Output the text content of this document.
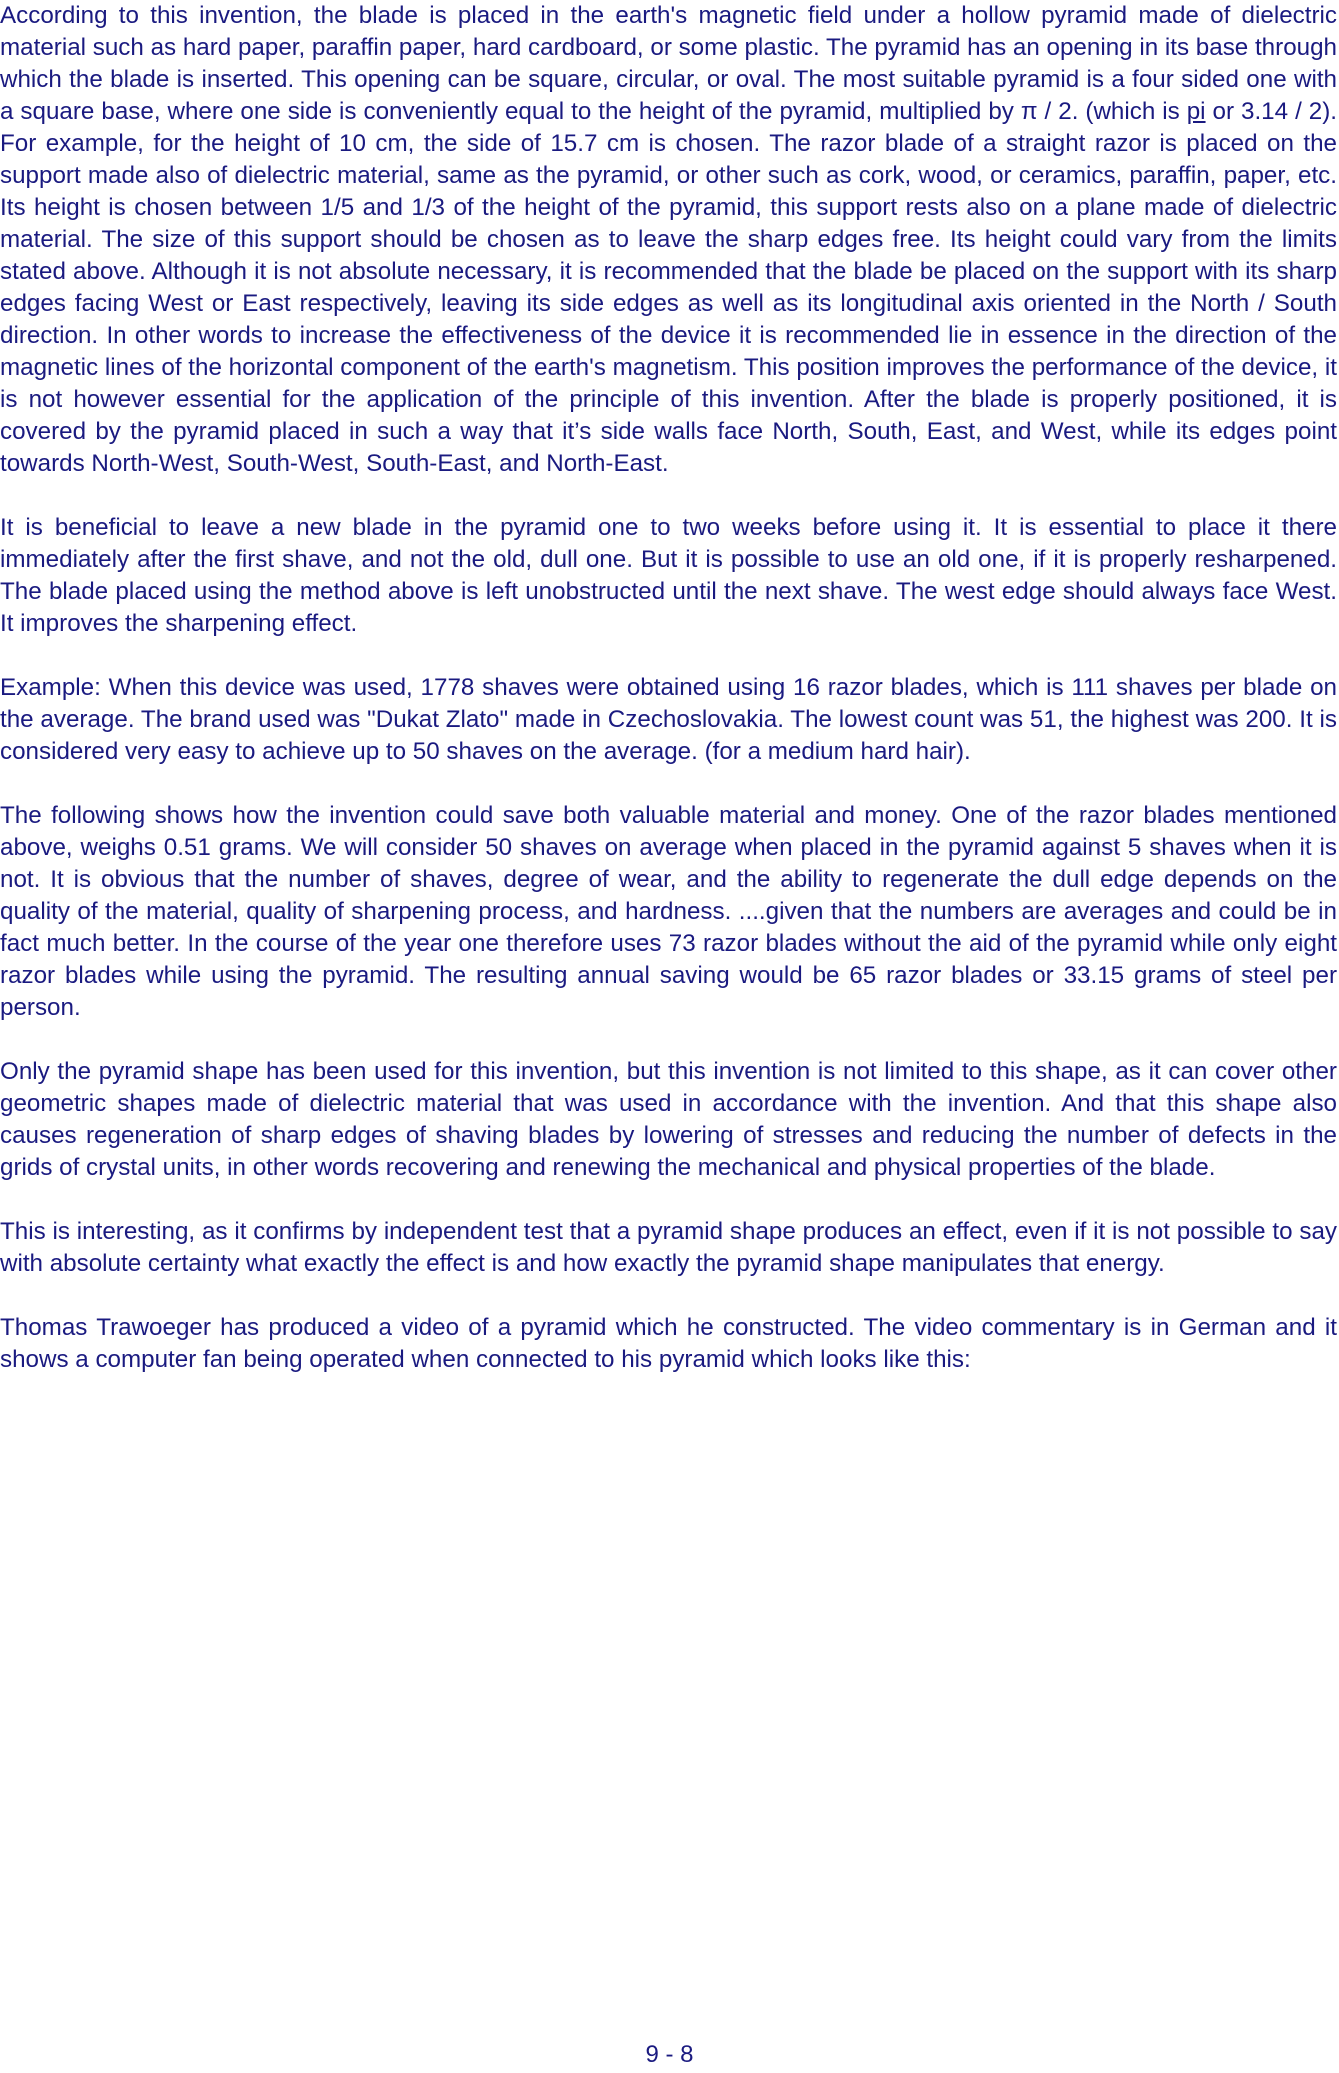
According to this invention, the blade is placed in the earth's magnetic field under a hollow pyramid made of dielectric material such as hard paper, paraffin paper, hard cardboard, or some plastic. The pyramid has an opening in its base through which the blade is inserted. This opening can be square, circular, or oval. The most suitable pyramid is a four sided one with a square base, where one side is conveniently equal to the height of the pyramid, multiplied by π / 2. (which is pi or 3.14 / 2). For example, for the height of 10 cm, the side of 15.7 cm is chosen. The razor blade of a straight razor is placed on the support made also of dielectric material, same as the pyramid, or other such as cork, wood, or ceramics, paraffin, paper, etc. Its height is chosen between 1/5 and 1/3 of the height of the pyramid, this support rests also on a plane made of dielectric material. The size of this support should be chosen as to leave the sharp edges free. Its height could vary from the limits stated above. Although it is not absolute necessary, it is recommended that the blade be placed on the support with its sharp edges facing West or East respectively, leaving its side edges as well as its longitudinal axis oriented in the North / South direction. In other words to increase the effectiveness of the device it is recommended lie in essence in the direction of the magnetic lines of the horizontal component of the earth's magnetism. This position improves the performance of the device, it is not however essential for the application of the principle of this invention. After the blade is properly positioned, it is covered by the pyramid placed in such a way that it’s side walls face North, South, East, and West, while its edges point towards North-West, South-West, South-East, and North-East.

It is beneficial to leave a new blade in the pyramid one to two weeks before using it. It is essential to place it there immediately after the first shave, and not the old, dull one. But it is possible to use an old one, if it is properly resharpened. The blade placed using the method above is left unobstructed until the next shave. The west edge should always face West. It improves the sharpening effect.

Example: When this device was used, 1778 shaves were obtained using 16 razor blades, which is 111 shaves per blade on the average. The brand used was "Dukat Zlato" made in Czechoslovakia. The lowest count was 51, the highest was 200. It is considered very easy to achieve up to 50 shaves on the average. (for a medium hard hair).

The following shows how the invention could save both valuable material and money. One of the razor blades mentioned above, weighs 0.51 grams. We will consider 50 shaves on average when placed in the pyramid against 5 shaves when it is not. It is obvious that the number of shaves, degree of wear, and the ability to regenerate the dull edge depends on the quality of the material, quality of sharpening process, and hardness. ....given that the numbers are averages and could be in fact much better. In the course of the year one therefore uses 73 razor blades without the aid of the pyramid while only eight razor blades while using the pyramid. The resulting annual saving would be 65 razor blades or 33.15 grams of steel per person.

Only the pyramid shape has been used for this invention, but this invention is not limited to this shape, as it can cover other geometric shapes made of dielectric material that was used in accordance with the invention. And that this shape also causes regeneration of sharp edges of shaving blades by lowering of stresses and reducing the number of defects in the grids of crystal units, in other words recovering and renewing the mechanical and physical properties of the blade.

This is interesting, as it confirms by independent test that a pyramid shape produces an effect, even if it is not possible to say with absolute certainty what exactly the effect is and how exactly the pyramid shape manipulates that energy.

Thomas Trawoeger has produced a video of a pyramid which he constructed. The video commentary is in German and it shows a computer fan being operated when connected to his pyramid which looks like this:

9 - 8
